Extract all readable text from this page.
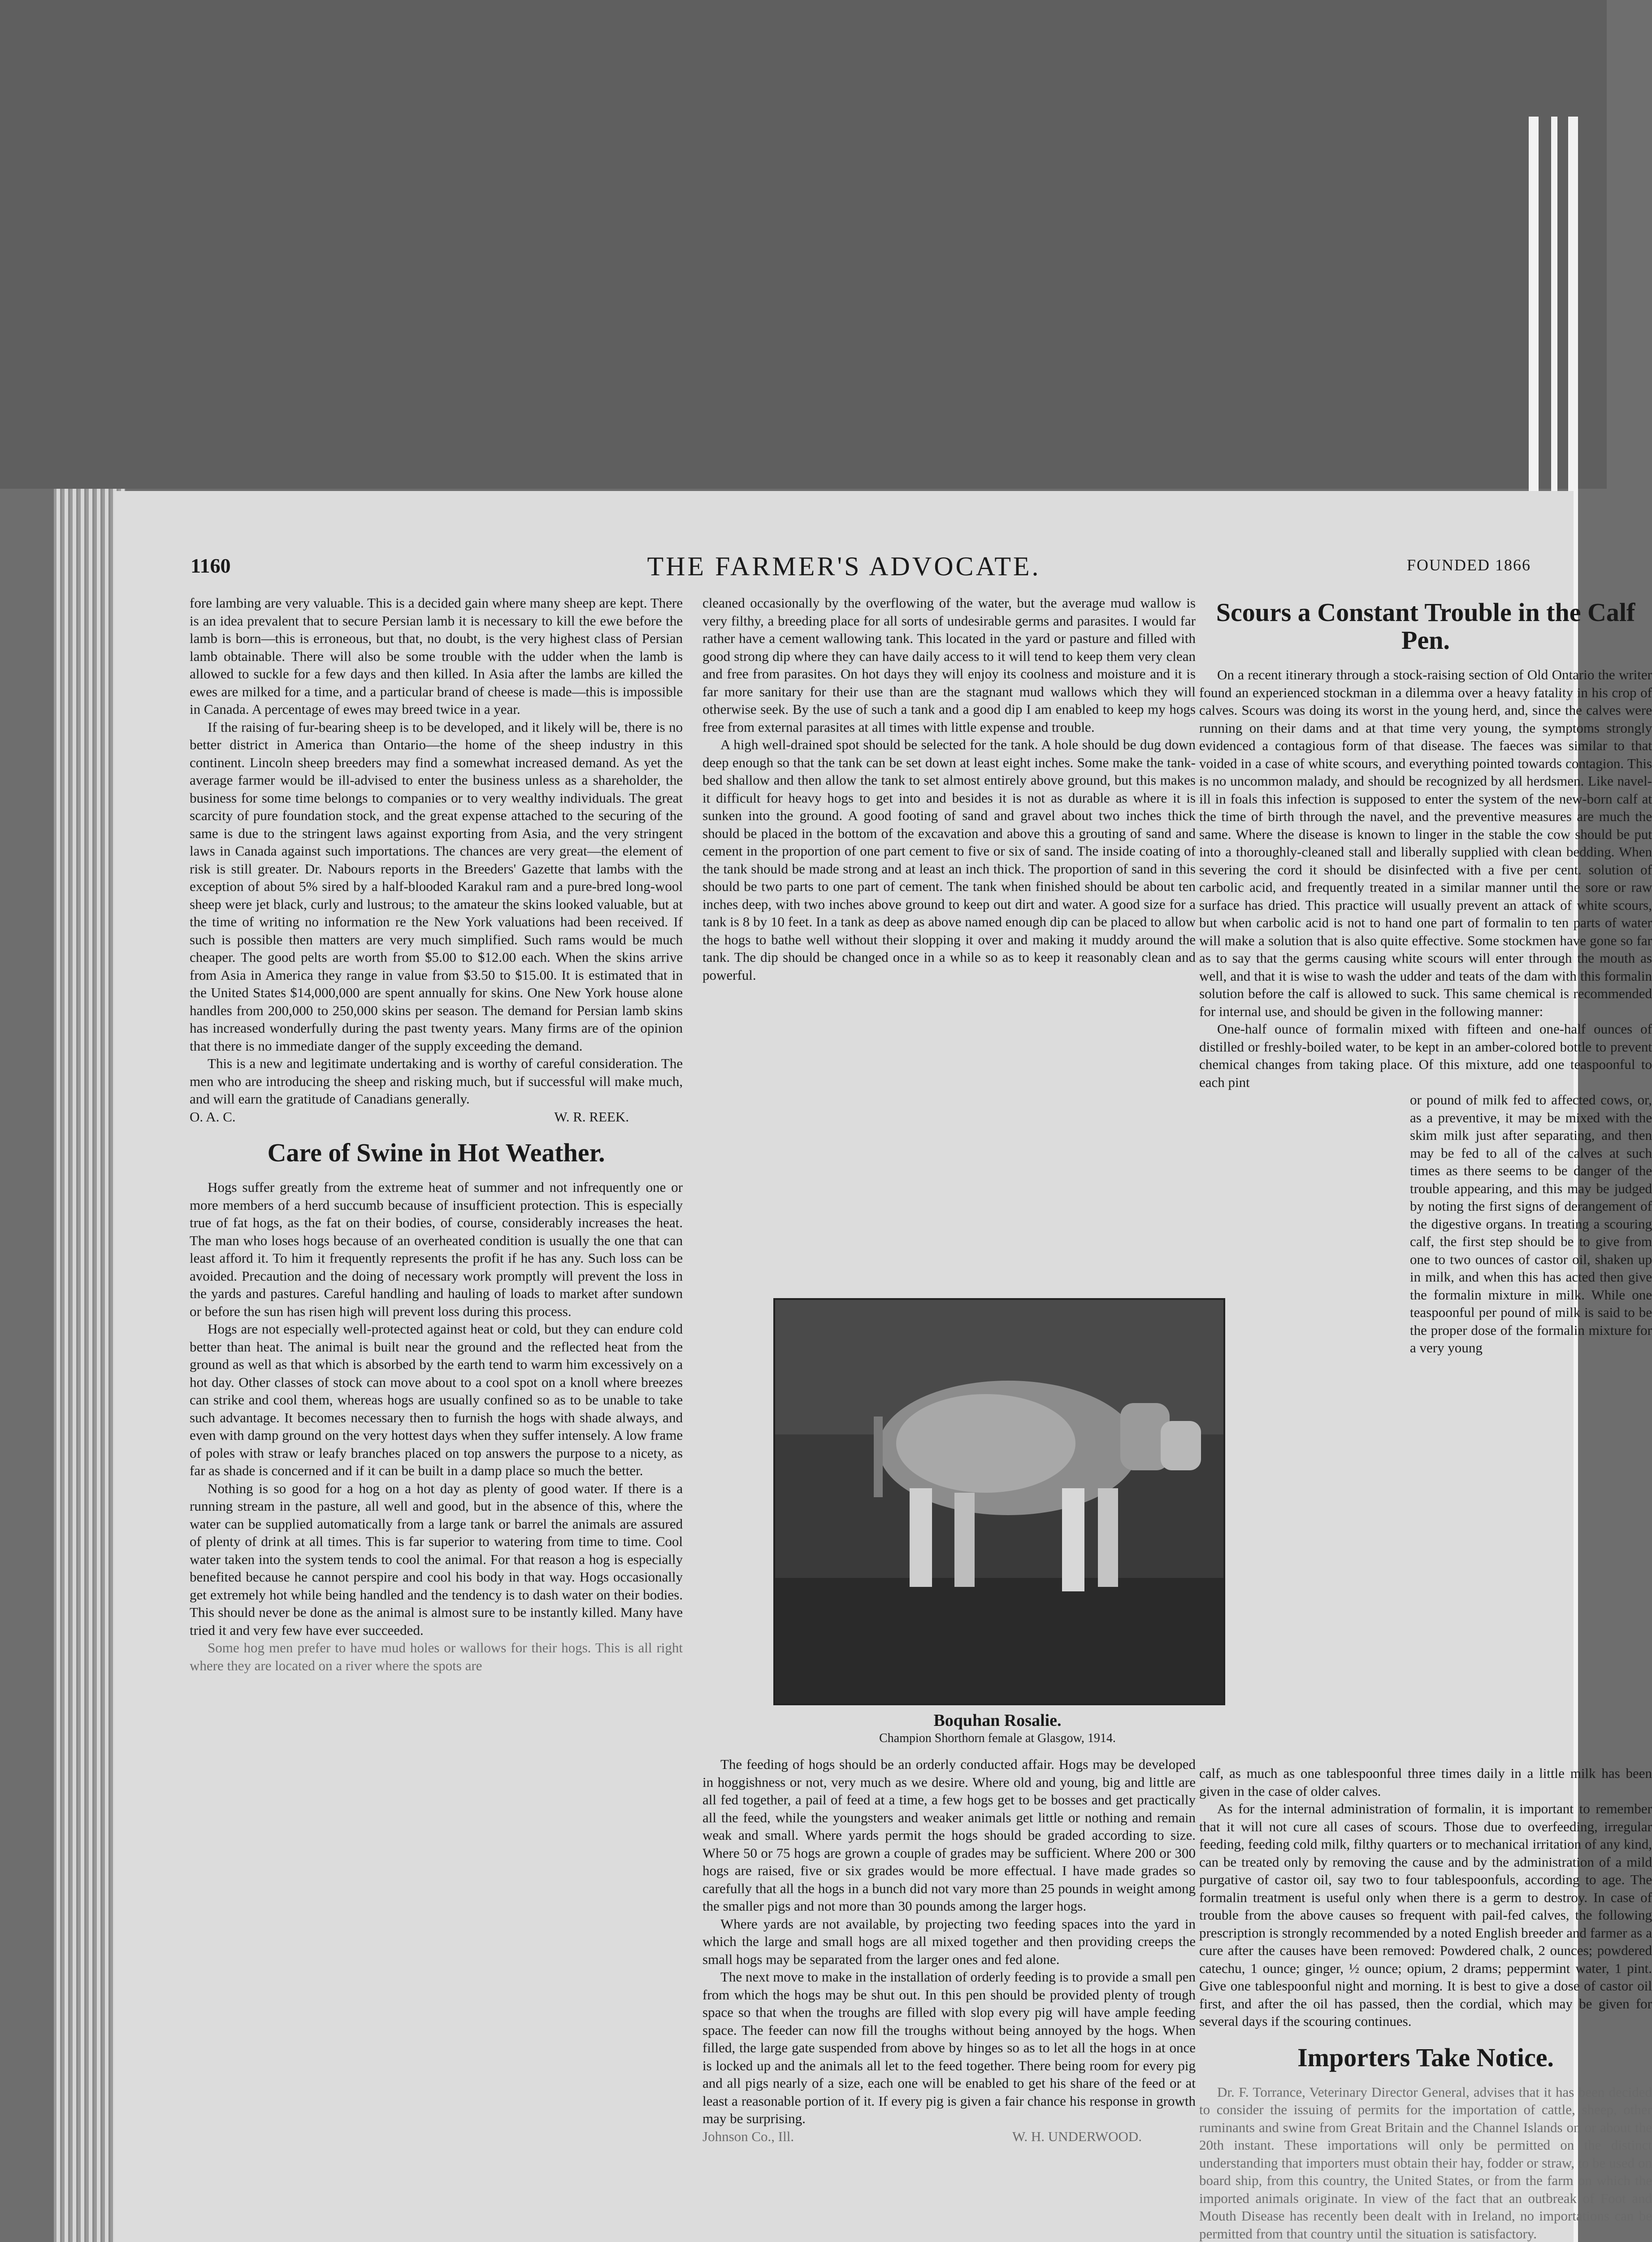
1160	THE FARMER'S ADVOCATE.	FOUNDED 1866

fore lambing are very valuable. This is a decided gain where many sheep are kept. There is an idea prevalent that to secure Persian lamb it is necessary to kill the ewe before the lamb is born—this is erroneous, but that, no doubt, is the very highest class of Persian lamb obtainable. There will also be some trouble with the udder when the lamb is allowed to suckle for a few days and then killed. In Asia after the lambs are killed the ewes are milked for a time, and a particular brand of cheese is made—this is impossible in Canada. A percentage of ewes may breed twice in a year.

If the raising of fur-bearing sheep is to be developed, and it likely will be, there is no better district in America than Ontario—the home of the sheep industry in this continent. Lincoln sheep breeders may find a somewhat increased demand. As yet the average farmer would be ill-advised to enter the business unless as a shareholder, the business for some time belongs to companies or to very wealthy individuals. The great scarcity of pure foundation stock, and the great expense attached to the securing of the same is due to the stringent laws against exporting from Asia, and the very stringent laws in Canada against such importations. The chances are very great—the element of risk is still greater. Dr. Nabours reports in the Breeders' Gazette that lambs with the exception of about 5% sired by a half-blooded Karakul ram and a pure-bred long-wool sheep were jet black, curly and lustrous; to the amateur the skins looked valuable, but at the time of writing no information re the New York valuations had been received. If such is possible then matters are very much simplified. Such rams would be much cheaper. The good pelts are worth from $5.00 to $12.00 each. When the skins arrive from Asia in America they range in value from $3.50 to $15.00. It is estimated that in the United States $14,000,000 are spent annually for skins. One New York house alone handles from 200,000 to 250,000 skins per season. The demand for Persian lamb skins has increased wonderfully during the past twenty years. Many firms are of the opinion that there is no immediate danger of the supply exceeding the demand.

This is a new and legitimate undertaking and is worthy of careful consideration. The men who are introducing the sheep and risking much, but if successful will make much, and will earn the gratitude of Canadians generally.

O. A. C.	W. R. REEK.
Care of Swine in Hot Weather.

Hogs suffer greatly from the extreme heat of summer and not infrequently one or more members of a herd succumb because of insufficient protection. This is especially true of fat hogs, as the fat on their bodies, of course, considerably increases the heat. The man who loses hogs because of an overheated condition is usually the one that can least afford it. To him it frequently represents the profit if he has any. Such loss can be avoided. Precaution and the doing of necessary work promptly will prevent the loss in the yards and pastures. Careful handling and hauling of loads to market after sundown or before the sun has risen high will prevent loss during this process.

Hogs are not especially well-protected against heat or cold, but they can endure cold better than heat. The animal is built near the ground and the reflected heat from the ground as well as that which is absorbed by the earth tend to warm him excessively on a hot day. Other classes of stock can move about to a cool spot on a knoll where breezes can strike and cool them, whereas hogs are usually confined so as to be unable to take such advantage. It becomes necessary then to furnish the hogs with shade always, and even with damp ground on the very hottest days when they suffer intensely. A low frame of poles with straw or leafy branches placed on top answers the purpose to a nicety, as far as shade is concerned and if it can be built in a damp place so much the better.

Nothing is so good for a hog on a hot day as plenty of good water. If there is a running stream in the pasture, all well and good, but in the absence of this, where the water can be supplied automatically from a large tank or barrel the animals are assured of plenty of drink at all times. This is far superior to watering from time to time. Cool water taken into the system tends to cool the animal. For that reason a hog is especially benefited because he cannot perspire and cool his body in that way. Hogs occasionally get extremely hot while being handled and the tendency is to dash water on their bodies. This should never be done as the animal is almost sure to be instantly killed. Many have tried it and very few have ever succeeded.

Some hog men prefer to have mud holes or wallows for their hogs. This is all right where they are located on a river where the spots are

cleaned occasionally by the overflowing of the water, but the average mud wallow is very filthy, a breeding place for all sorts of undesirable germs and parasites. I would far rather have a cement wallowing tank. This located in the yard or pasture and filled with good strong dip where they can have daily access to it will tend to keep them very clean and free from parasites. On hot days they will enjoy its coolness and moisture and it is far more sanitary for their use than are the stagnant mud wallows which they will otherwise seek. By the use of such a tank and a good dip I am enabled to keep my hogs free from external parasites at all times with little expense and trouble.

A high well-drained spot should be selected for the tank. A hole should be dug down deep enough so that the tank can be set down at least eight inches. Some make the tank-bed shallow and then allow the tank to set almost entirely above ground, but this makes it difficult for heavy hogs to get into and besides it is not as durable as where it is sunken into the ground. A good footing of sand and gravel about two inches thick should be placed in the bottom of the excavation and above this a grouting of sand and cement in the proportion of one part cement to five or six of sand. The inside coating of the tank should be made strong and at least an inch thick. The proportion of sand in this should be two parts to one part of cement. The tank when finished should be about ten inches deep, with two inches above ground to keep out dirt and water. A good size for a tank is 8 by 10 feet. In a tank as deep as above named enough dip can be placed to allow the hogs to bathe well without their slopping it over and making it muddy around the tank. The dip should be changed once in a while so as to keep it reasonably clean and powerful.

Boquhan Rosalie.
Champion Shorthorn female at Glasgow, 1914.

The feeding of hogs should be an orderly conducted affair. Hogs may be developed in hoggishness or not, very much as we desire. Where old and young, big and little are all fed together, a pail of feed at a time, a few hogs get to be bosses and get practically all the feed, while the youngsters and weaker animals get little or nothing and remain weak and small. Where yards permit the hogs should be graded according to size. Where 50 or 75 hogs are grown a couple of grades may be sufficient. Where 200 or 300 hogs are raised, five or six grades would be more effectual. I have made grades so carefully that all the hogs in a bunch did not vary more than 25 pounds in weight among the smaller pigs and not more than 30 pounds among the larger hogs.

Where yards are not available, by projecting two feeding spaces into the yard in which the large and small hogs are all mixed together and then providing creeps the small hogs may be separated from the larger ones and fed alone.

The next move to make in the installation of orderly feeding is to provide a small pen from which the hogs may be shut out. In this pen should be provided plenty of trough space so that when the troughs are filled with slop every pig will have ample feeding space. The feeder can now fill the troughs without being annoyed by the hogs. When filled, the large gate suspended from above by hinges so as to let all the hogs in at once is locked up and the animals all let to the feed together. There being room for every pig and all pigs nearly of a size, each one will be enabled to get his share of the feed or at least a reasonable portion of it. If every pig is given a fair chance his response in growth may be surprising.

Johnson Co., Ill.	W. H. UNDERWOOD.
Scours a Constant Trouble in the Calf Pen.

On a recent itinerary through a stock-raising section of Old Ontario the writer found an experienced stockman in a dilemma over a heavy fatality in his crop of calves. Scours was doing its worst in the young herd, and, since the calves were running on their dams and at that time very young, the symptoms strongly evidenced a contagious form of that disease. The faeces was similar to that voided in a case of white scours, and everything pointed towards contagion. This is no uncommon malady, and should be recognized by all herdsmen. Like navel-ill in foals this infection is supposed to enter the system of the new-born calf at the time of birth through the navel, and the preventive measures are much the same. Where the disease is known to linger in the stable the cow should be put into a thoroughly-cleaned stall and liberally supplied with clean bedding. When severing the cord it should be disinfected with a five per cent. solution of carbolic acid, and frequently treated in a similar manner until the sore or raw surface has dried. This practice will usually prevent an attack of white scours, but when carbolic acid is not to hand one part of formalin to ten parts of water will make a solution that is also quite effective. Some stockmen have gone so far as to say that the germs causing white scours will enter through the mouth as well, and that it is wise to wash the udder and teats of the dam with this formalin solution before the calf is allowed to suck. This same chemical is recommended for internal use, and should be given in the following manner:

One-half ounce of formalin mixed with fifteen and one-half ounces of distilled or freshly-boiled water, to be kept in an amber-colored bottle to prevent chemical changes from taking place. Of this mixture, add one teaspoonful to each pint

or pound of milk fed to affected cows, or, as a preventive, it may be mixed with the skim milk just after separating, and then may be fed to all of the calves at such times as there seems to be danger of the trouble appearing, and this may be judged by noting the first signs of derangement of the digestive organs. In treating a scouring calf, the first step should be to give from one to two ounces of castor oil, shaken up in milk, and when this has acted then give the formalin mixture in milk. While one teaspoonful per pound of milk is said to be the proper dose of the formalin mixture for a very young

calf, as much as one tablespoonful three times daily in a little milk has been given in the case of older calves.

As for the internal administration of formalin, it is important to remember that it will not cure all cases of scours. Those due to overfeeding, irregular feeding, feeding cold milk, filthy quarters or to mechanical irritation of any kind, can be treated only by removing the cause and by the administration of a mild purgative of castor oil, say two to four tablespoonfuls, according to age. The formalin treatment is useful only when there is a germ to destroy. In case of trouble from the above causes so frequent with pail-fed calves, the following prescription is strongly recommended by a noted English breeder and farmer as a cure after the causes have been removed: Powdered chalk, 2 ounces; powdered catechu, 1 ounce; ginger, ½ ounce; opium, 2 drams; peppermint water, 1 pint. Give one tablespoonful night and morning. It is best to give a dose of castor oil first, and after the oil has passed, then the cordial, which may be given for several days if the scouring continues.

Importers Take Notice.

Dr. F. Torrance, Veterinary Director General, advises that it has been decided to consider the issuing of permits for the importation of cattle, sheep, other ruminants and swine from Great Britain and the Channel Islands on or about the 20th instant. These importations will only be permitted on the distinct understanding that importers must obtain their hay, fodder or straw, to be used on board ship, from this country, the United States, or from the farm on which the imported animals originate. In view of the fact that an outbreak of Foot and Mouth Disease has recently been dealt with in Ireland, no importations can be permitted from that country until the situation is satisfactory.
